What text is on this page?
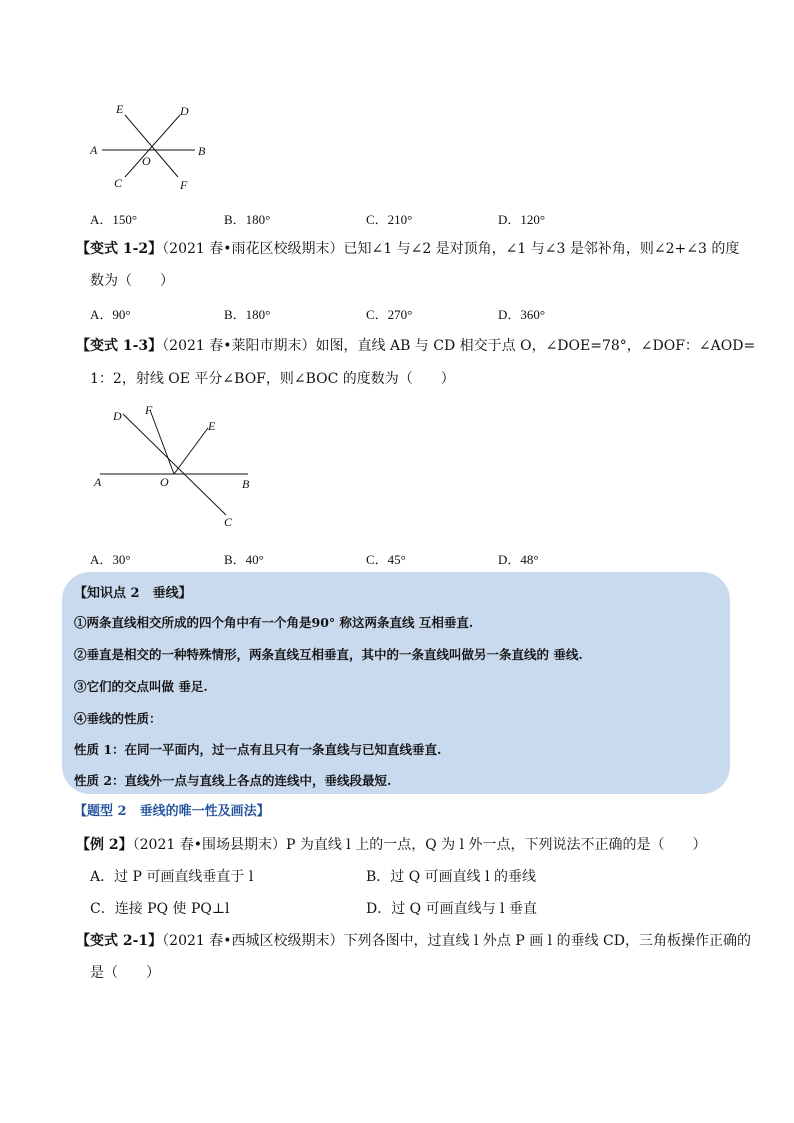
E	D
A
O
B
C	F
A．150°	B．180°	C．210°	D．120°
【变式 1-2】（2021 春•雨花区校级期末）已知∠1 与∠2 是对顶角，∠1 与∠3 是邻补角，则∠2+∠3 的度
数为（　　）
A．90°	B．180°	C．270°	D．360°
【变式 1-3】（2021 春•莱阳市期末）如图，直线 AB 与 CD 相交于点 O，∠DOE=78°，∠DOF：∠AOD=
1：2，射线 OE 平分∠BOF，则∠BOC 的度数为（　　）
D F
E
A	O	B
C
A．30°	B．40°	C．45°	D．48°
【知识点 2　垂线】
①两条直线相交所成的四个角中有一个角是90° 称这两条直线 互相垂直.
②垂直是相交的一种特殊情形，两条直线互相垂直，其中的一条直线叫做另一条直线的 垂线.
③它们的交点叫做 垂足.
④垂线的性质：
性质 1：在同一平面内，过一点有且只有一条直线与已知直线垂直.
性质 2：直线外一点与直线上各点的连线中，垂线段最短.
【题型 2　垂线的唯一性及画法】
【例 2】（2021 春•围场县期末）P 为直线 l 上的一点，Q 为 l 外一点，下列说法不正确的是（　　）
A．过 P 可画直线垂直于 l	B．过 Q 可画直线 l 的垂线
C．连接 PQ 使 PQ⊥l	D．过 Q 可画直线与 l 垂直
【变式 2-1】（2021 春•西城区校级期末）下列各图中，过直线 l 外点 P 画 l 的垂线 CD，三角板操作正确的
是（　　）
